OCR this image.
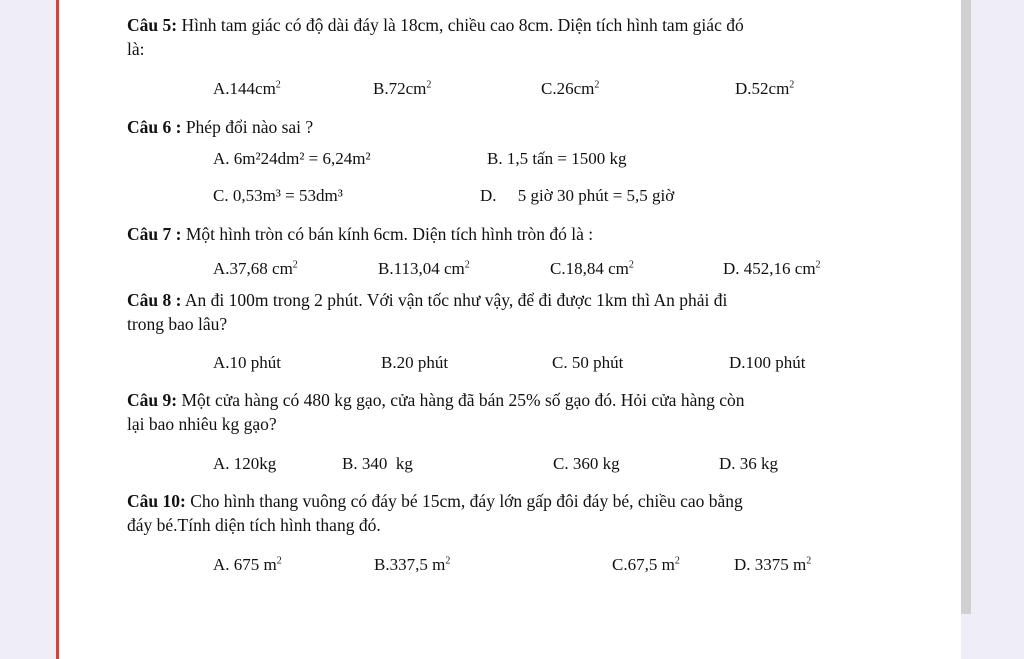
Câu 5: Hình tam giác có độ dài đáy là 18cm, chiều cao 8cm. Diện tích hình tam giác đó
là:
$A.144cm^2$	$B.72cm^2$	$C.26cm^2$	$D.52cm^2$
Câu 6 : Phép đổi nào sai ?
A. 6m²24dm² = 6,24m²	B. 1,5 tấn = 1500 kg
C. 0,53m³ = 53dm³	D.     5 giờ 30 phút = 5,5 giờ
Câu 7 : Một hình tròn có bán kính 6cm. Diện tích hình tròn đó là :
A.37,68 $cm^2$	B.113,04 $cm^2$	C.18,84 $cm^2$	D. 452,16 $cm^2$
Câu 8 : An đi 100m trong 2 phút. Với vận tốc như vậy, để đi được 1km thì An phải đi
trong bao lâu?
A.10 phút	B.20 phút	C. 50 phút	D.100 phút
Câu 9: Một cửa hàng có 480 kg gạo, cửa hàng đã bán 25% số gạo đó. Hỏi cửa hàng còn
lại bao nhiêu kg gạo?
A. 120kg	B. 340  kg	C. 360 kg	D. 36 kg
Câu 10: Cho hình thang vuông có đáy bé 15cm, đáy lớn gấp đôi đáy bé, chiều cao bằng
đáy bé.Tính diện tích hình thang đó.
A. 675 $m^2$	B.337,5 $m^2$	C.67,5 $m^2$	D. 3375 $m^2$
